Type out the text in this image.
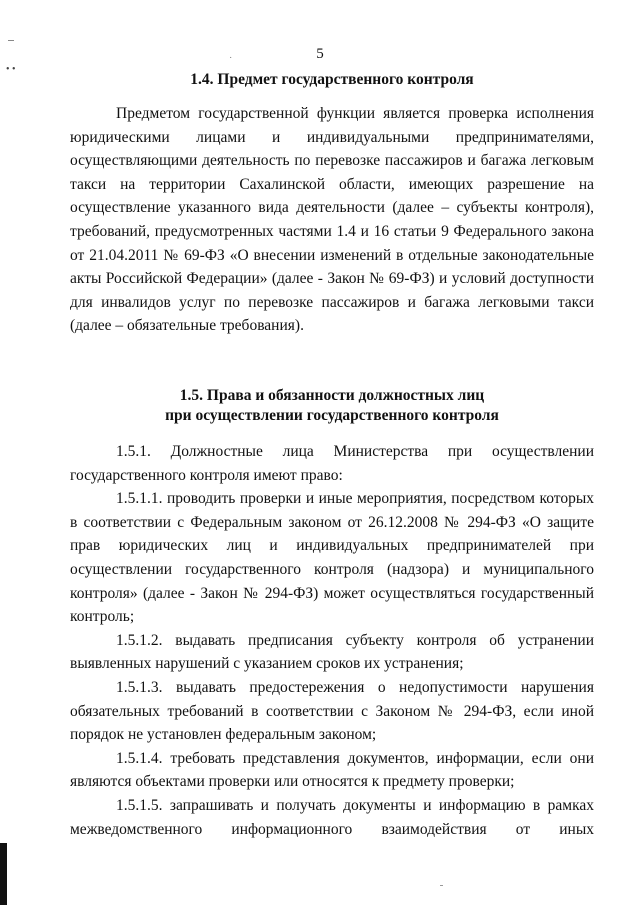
• •
˙	5
1.4. Предмет государственного контроля

Предметом государственной функции является проверка исполнения юридическими лицами и индивидуальными предпринимателями, осуществляющими деятельность по перевозке пассажиров и багажа легковым такси на территории Сахалинской области, имеющих разрешение на осуществление указанного вида деятельности (далее – субъекты контроля), требований, предусмотренных частями 1.4 и 16 статьи 9 Федерального закона от 21.04.2011 № 69-ФЗ «О внесении изменений в отдельные законодательные акты Российской Федерации» (далее - Закон № 69-ФЗ) и условий доступности для инвалидов услуг по перевозке пассажиров и багажа легковыми такси (далее – обязательные требования).

1.5. Права и обязанности должностных лиц
при осуществлении государственного контроля

1.5.1. Должностные лица Министерства при осуществлении государственного контроля имеют право:

1.5.1.1. проводить проверки и иные мероприятия, посредством которых в соответствии с Федеральным законом от 26.12.2008 № 294-ФЗ «О защите прав юридических лиц и индивидуальных предпринимателей при осуществлении государственного контроля (надзора) и муниципального контроля» (далее - Закон № 294-ФЗ) может осуществляться государственный контроль;

1.5.1.2. выдавать предписания субъекту контроля об устранении выявленных нарушений с указанием сроков их устранения;

1.5.1.3. выдавать предостережения о недопустимости нарушения обязательных требований в соответствии с Законом № 294-ФЗ, если иной порядок не установлен федеральным законом;

1.5.1.4. требовать представления документов, информации, если они являются объектами проверки или относятся к предмету проверки;

1.5.1.5. запрашивать и получать документы и информацию в рамках межведомственного информационного взаимодействия от иных
